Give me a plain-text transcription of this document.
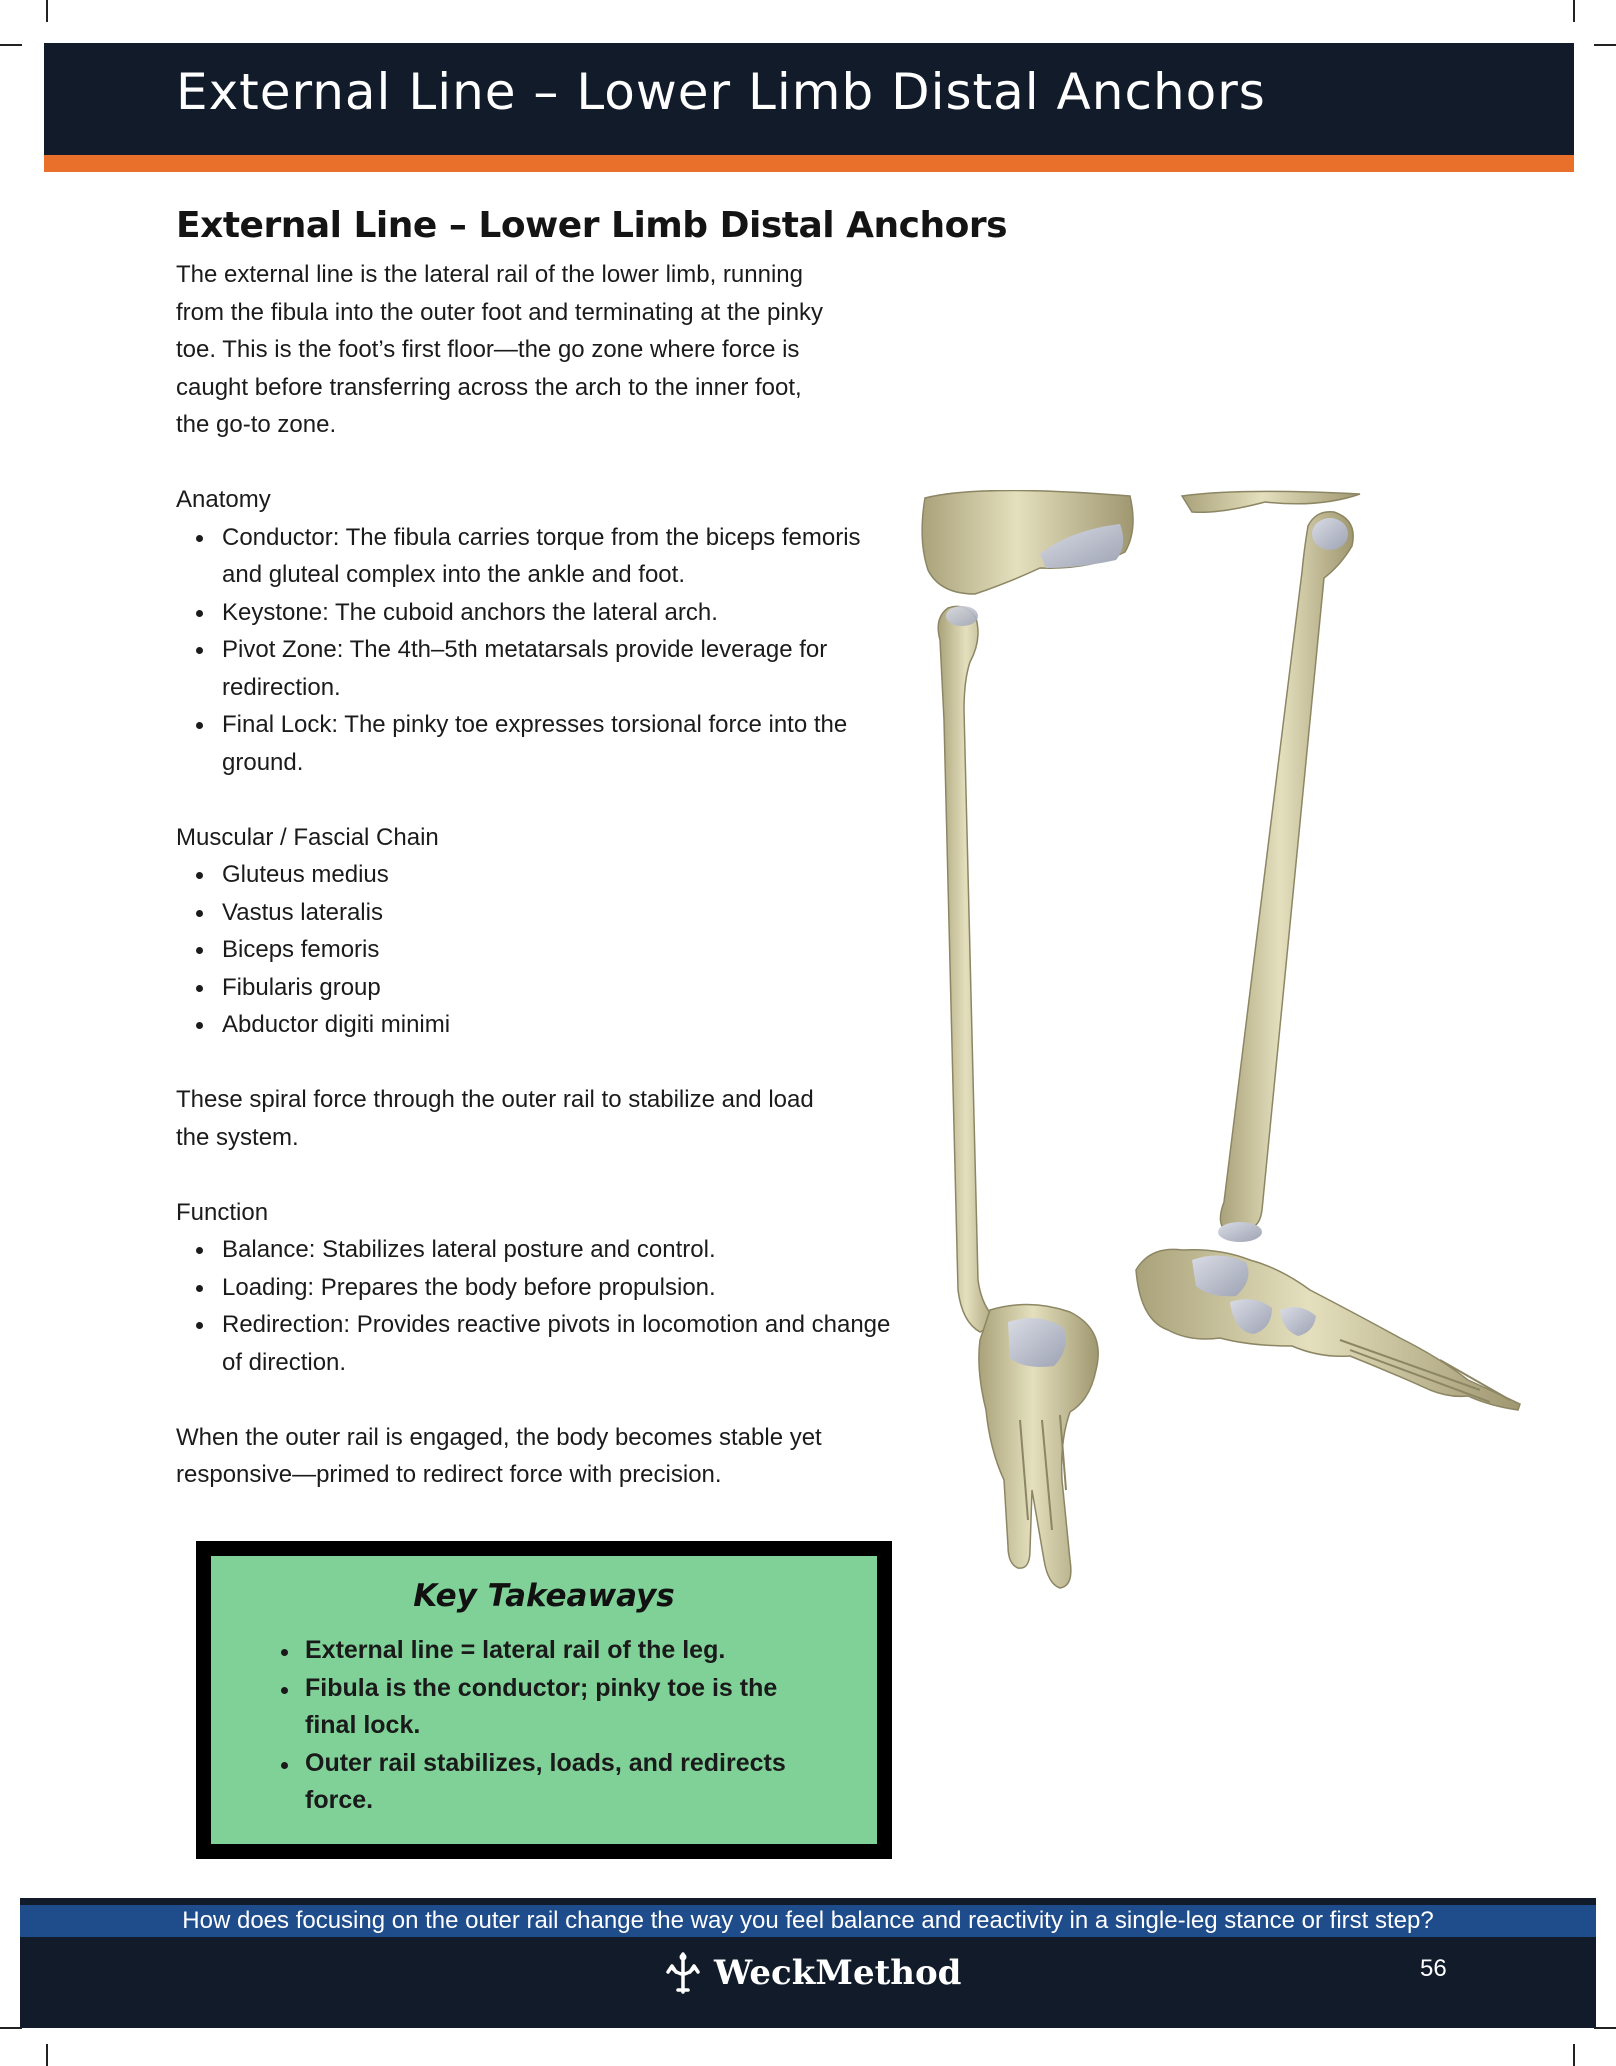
External Line – Lower Limb Distal Anchors
External Line – Lower Limb Distal Anchors

The external line is the lateral rail of the lower limb, running

from the fibula into the outer foot and terminating at the pinky

toe. This is the foot’s first floor—the go zone where force is

caught before transferring across the arch to the inner foot,

the go-to zone.

Anatomy

Conductor: The fibula carries torque from the biceps femoris and gluteal complex into the ankle and foot.
Keystone: The cuboid anchors the lateral arch.
Pivot Zone: The 4th–5th metatarsals provide leverage for redirection.
Final Lock: The pinky toe expresses torsional force into the ground.

Muscular / Fascial Chain

Gluteus medius
Vastus lateralis
Biceps femoris
Fibularis group
Abductor digiti minimi

These spiral force through the outer rail to stabilize and load

the system.

Function

Balance: Stabilizes lateral posture and control.
Loading: Prepares the body before propulsion.
Redirection: Provides reactive pivots in locomotion and change of direction.

When the outer rail is engaged, the body becomes stable yet

responsive—primed to redirect force with precision.

Key Takeaways
External line = lateral rail of the leg.
Fibula is the conductor; pinky toe is the final lock.
Outer rail stabilizes, loads, and redirects force.
How does focusing on the outer rail change the way you feel balance and reactivity in a single-leg stance or first step?
WeckMethod	56
